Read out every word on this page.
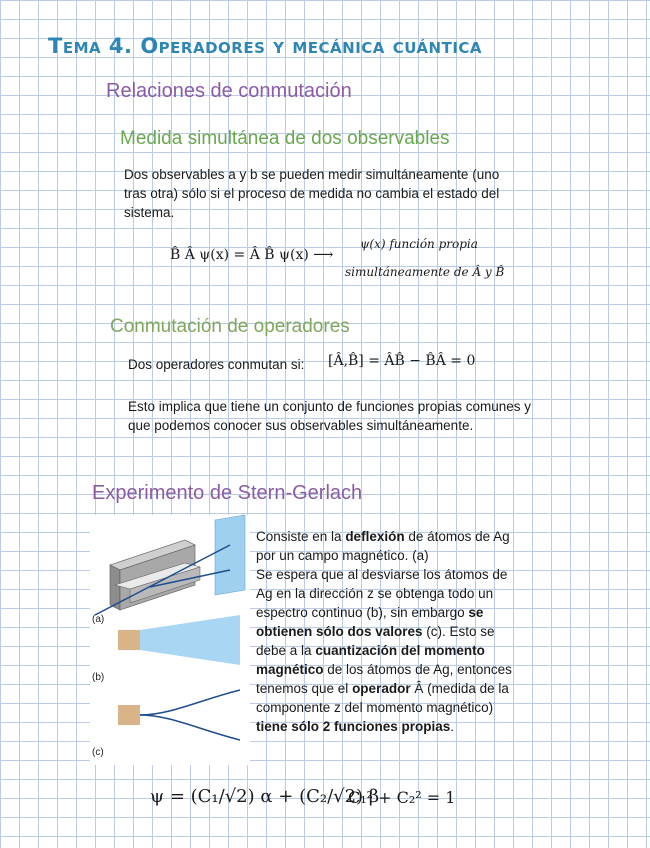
Tema 4. Operadores y mecánica cuántica
Relaciones de conmutación
Medida simultánea de dos observables
Dos observables a y b se pueden medir simultáneamente (uno
tras otra) sólo si el proceso de medida no cambia el estado del
sistema.
B̂ Â ψ(x) = Â B̂ ψ(x) ⟶
ψ(x) función propia
simultáneamente de Â y B̂
Conmutación de operadores
Dos operadores conmutan si: [Â,B̂] = ÂB̂ − B̂Â = 0
Esto implica que tiene un conjunto de funciones propias comunes y
que podemos conocer sus observables simultáneamente.
Experimento de Stern-Gerlach
(a)
(b)
(c)
Consiste en la deflexión de átomos de Ag
por un campo magnético. (a)
Se espera que al desviarse los átomos de
Ag en la dirección z se obtenga todo un
espectro continuo (b), sin embargo se
obtienen sólo dos valores (c). Esto se
debe a la cuantización del momento
magnético de los átomos de Ag, entonces
tenemos que el operador Â (medida de la
componente z del momento magnético)
tiene sólo 2 funciones propias.
ψ = (C₁/√2) α + (C₂/√2) β
C₁² + C₂² = 1
